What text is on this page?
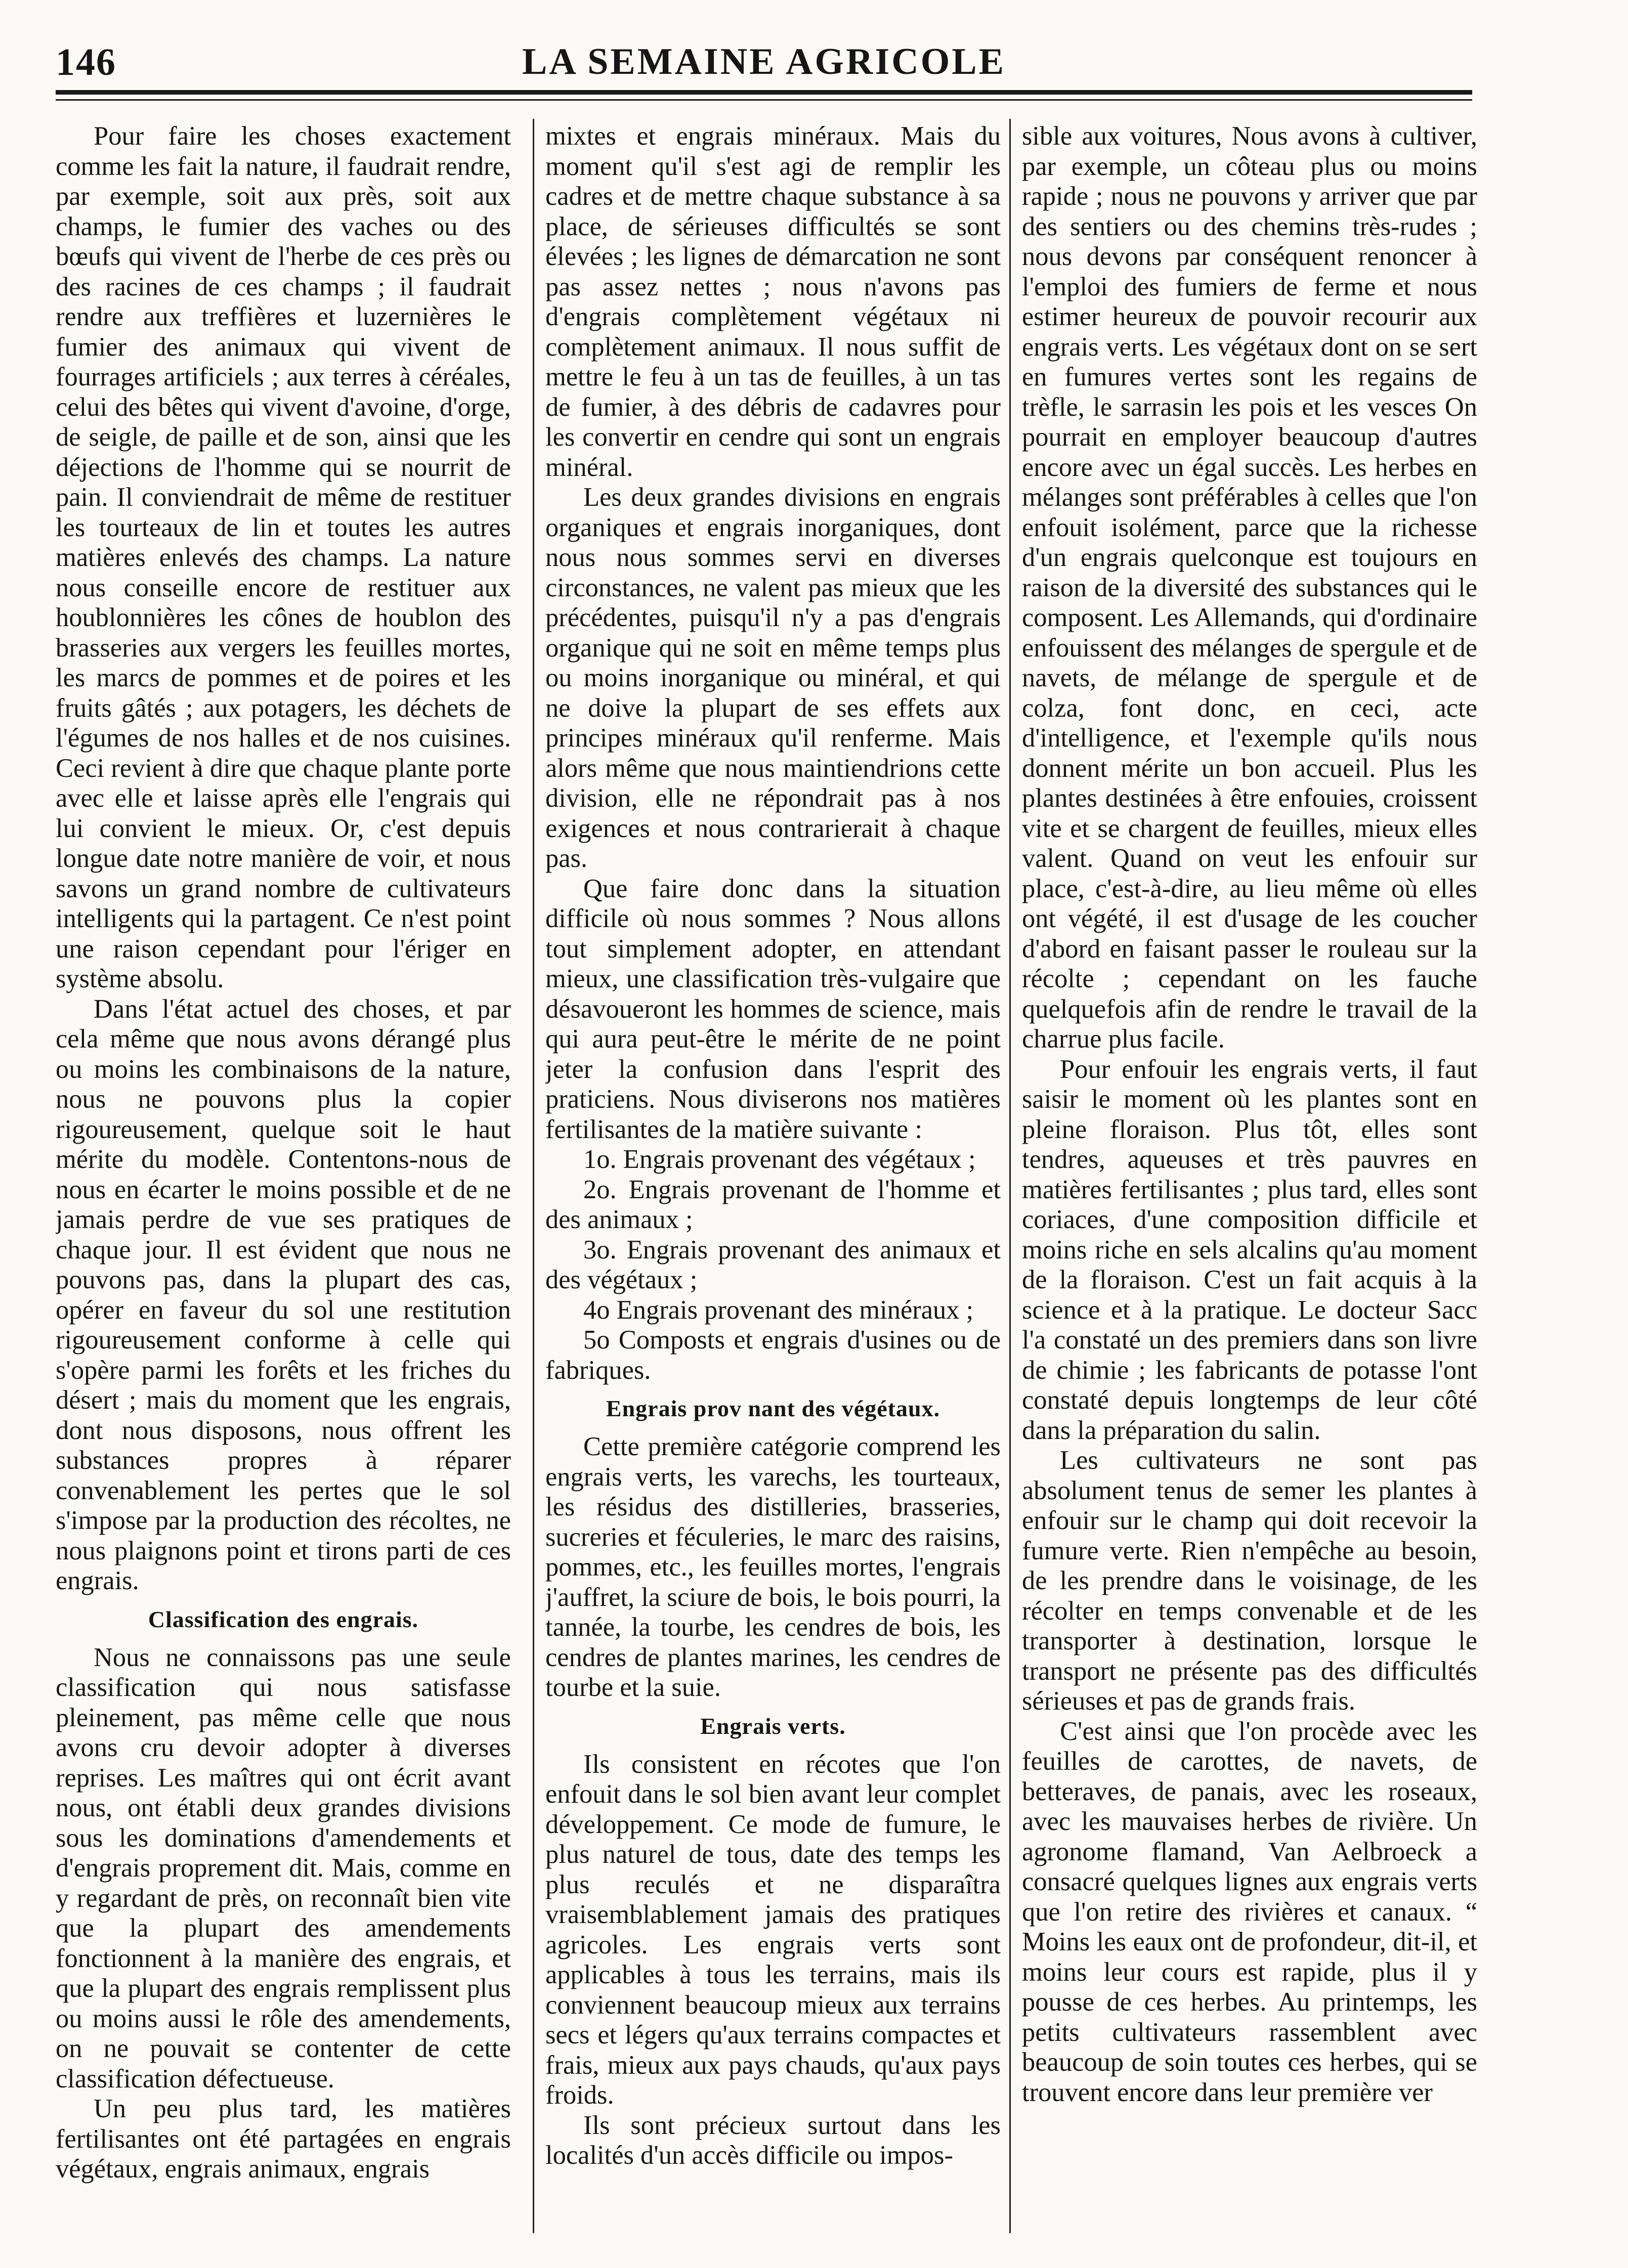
146	LA SEMAINE AGRICOLE

Pour faire les choses exactement comme les fait la nature, il faudrait rendre, par exemple, soit aux près, soit aux champs, le fumier des vaches ou des bœufs qui vivent de l'herbe de ces près ou des racines de ces champs ; il faudrait rendre aux treffières et luzernières le fumier des animaux qui vivent de fourrages artificiels ; aux terres à céréales, celui des bêtes qui vivent d'avoine, d'orge, de seigle, de paille et de son, ainsi que les déjections de l'homme qui se nourrit de pain. Il conviendrait de même de restituer les tourteaux de lin et toutes les autres matières enlevés des champs. La nature nous conseille encore de restituer aux houblonnières les cônes de houblon des brasseries aux vergers les feuilles mortes, les marcs de pommes et de poires et les fruits gâtés ; aux potagers, les déchets de l'égumes de nos halles et de nos cuisines. Ceci revient à dire que chaque plante porte avec elle et laisse après elle l'engrais qui lui convient le mieux. Or, c'est depuis longue date notre manière de voir, et nous savons un grand nombre de cultivateurs intelligents qui la partagent. Ce n'est point une raison cependant pour l'ériger en système absolu.

Dans l'état actuel des choses, et par cela même que nous avons dérangé plus ou moins les combinaisons de la nature, nous ne pouvons plus la copier rigoureusement, quelque soit le haut mérite du modèle. Contentons-nous de nous en écarter le moins possible et de ne jamais perdre de vue ses pratiques de chaque jour. Il est évident que nous ne pouvons pas, dans la plupart des cas, opérer en faveur du sol une restitution rigoureusement conforme à celle qui s'opère parmi les forêts et les friches du désert ; mais du moment que les engrais, dont nous disposons, nous offrent les substances propres à réparer convenablement les pertes que le sol s'impose par la production des récoltes, ne nous plaignons point et tirons parti de ces engrais.

Classification des engrais.

Nous ne connaissons pas une seule classification qui nous satisfasse pleinement, pas même celle que nous avons cru devoir adopter à diverses reprises. Les maîtres qui ont écrit avant nous, ont établi deux grandes divisions sous les dominations d'amendements et d'engrais proprement dit. Mais, comme en y regardant de près, on reconnaît bien vite que la plupart des amendements fonctionnent à la manière des engrais, et que la plupart des engrais remplissent plus ou moins aussi le rôle des amendements, on ne pouvait se contenter de cette classification défectueuse.

Un peu plus tard, les matières fertilisantes ont été partagées en engrais végétaux, engrais animaux, engrais

mixtes et engrais minéraux. Mais du moment qu'il s'est agi de remplir les cadres et de mettre chaque substance à sa place, de sérieuses difficultés se sont élevées ; les lignes de démarcation ne sont pas assez nettes ; nous n'avons pas d'engrais complètement végétaux ni complètement animaux. Il nous suffit de mettre le feu à un tas de feuilles, à un tas de fumier, à des débris de cadavres pour les convertir en cendre qui sont un engrais minéral.

Les deux grandes divisions en engrais organiques et engrais inorganiques, dont nous nous sommes servi en diverses circonstances, ne valent pas mieux que les précédentes, puisqu'il n'y a pas d'engrais organique qui ne soit en même temps plus ou moins inorganique ou minéral, et qui ne doive la plupart de ses effets aux principes minéraux qu'il renferme. Mais alors même que nous maintiendrions cette division, elle ne répondrait pas à nos exigences et nous contrarierait à chaque pas.

Que faire donc dans la situation difficile où nous sommes ? Nous allons tout simplement adopter, en attendant mieux, une classification très-vulgaire que désavoueront les hommes de science, mais qui aura peut-être le mérite de ne point jeter la confusion dans l'esprit des praticiens. Nous diviserons nos matières fertilisantes de la matière suivante :

1o. Engrais provenant des végétaux ;

2o. Engrais provenant de l'homme et des animaux ;

3o. Engrais provenant des animaux et des végétaux ;

4o Engrais provenant des minéraux ;

5o Composts et engrais d'usines ou de fabriques.

Engrais prov nant des végétaux.

Cette première catégorie comprend les engrais verts, les varechs, les tourteaux, les résidus des distilleries, brasseries, sucreries et féculeries, le marc des raisins, pommes, etc., les feuilles mortes, l'engrais j'auffret, la sciure de bois, le bois pourri, la tannée, la tourbe, les cendres de bois, les cendres de plantes marines, les cendres de tourbe et la suie.

Engrais verts.

Ils consistent en récotes que l'on enfouit dans le sol bien avant leur complet développement. Ce mode de fumure, le plus naturel de tous, date des temps les plus reculés et ne disparaîtra vraisemblablement jamais des pratiques agricoles. Les engrais verts sont applicables à tous les terrains, mais ils conviennent beaucoup mieux aux terrains secs et légers qu'aux terrains compactes et frais, mieux aux pays chauds, qu'aux pays froids.

Ils sont précieux surtout dans les localités d'un accès difficile ou impos-

sible aux voitures, Nous avons à cultiver, par exemple, un côteau plus ou moins rapide ; nous ne pouvons y arriver que par des sentiers ou des chemins très-rudes ; nous devons par conséquent renoncer à l'emploi des fumiers de ferme et nous estimer heureux de pouvoir recourir aux engrais verts. Les végétaux dont on se sert en fumures vertes sont les regains de trèfle, le sarrasin les pois et les vesces On pourrait en employer beaucoup d'autres encore avec un égal succès. Les herbes en mélanges sont préférables à celles que l'on enfouit isolément, parce que la richesse d'un engrais quelconque est toujours en raison de la diversité des substances qui le composent. Les Allemands, qui d'ordinaire enfouissent des mélanges de spergule et de navets, de mélange de spergule et de colza, font donc, en ceci, acte d'intelligence, et l'exemple qu'ils nous donnent mérite un bon accueil. Plus les plantes destinées à être enfouies, croissent vite et se chargent de feuilles, mieux elles valent. Quand on veut les enfouir sur place, c'est-à-dire, au lieu même où elles ont végété, il est d'usage de les coucher d'abord en faisant passer le rouleau sur la récolte ; cependant on les fauche quelquefois afin de rendre le travail de la charrue plus facile.

Pour enfouir les engrais verts, il faut saisir le moment où les plantes sont en pleine floraison. Plus tôt, elles sont tendres, aqueuses et très pauvres en matières fertilisantes ; plus tard, elles sont coriaces, d'une composition difficile et moins riche en sels alcalins qu'au moment de la floraison. C'est un fait acquis à la science et à la pratique. Le docteur Sacc l'a constaté un des premiers dans son livre de chimie ; les fabricants de potasse l'ont constaté depuis longtemps de leur côté dans la préparation du salin.

Les cultivateurs ne sont pas absolument tenus de semer les plantes à enfouir sur le champ qui doit recevoir la fumure verte. Rien n'empêche au besoin, de les prendre dans le voisinage, de les récolter en temps convenable et de les transporter à destination, lorsque le transport ne présente pas des difficultés sérieuses et pas de grands frais.

C'est ainsi que l'on procède avec les feuilles de carottes, de navets, de betteraves, de panais, avec les roseaux, avec les mauvaises herbes de rivière. Un agronome flamand, Van Aelbroeck a consacré quelques lignes aux engrais verts que l'on retire des rivières et canaux. “ Moins les eaux ont de profondeur, dit-il, et moins leur cours est rapide, plus il y pousse de ces herbes. Au printemps, les petits cultivateurs rassemblent avec beaucoup de soin toutes ces herbes, qui se trouvent encore dans leur première ver
